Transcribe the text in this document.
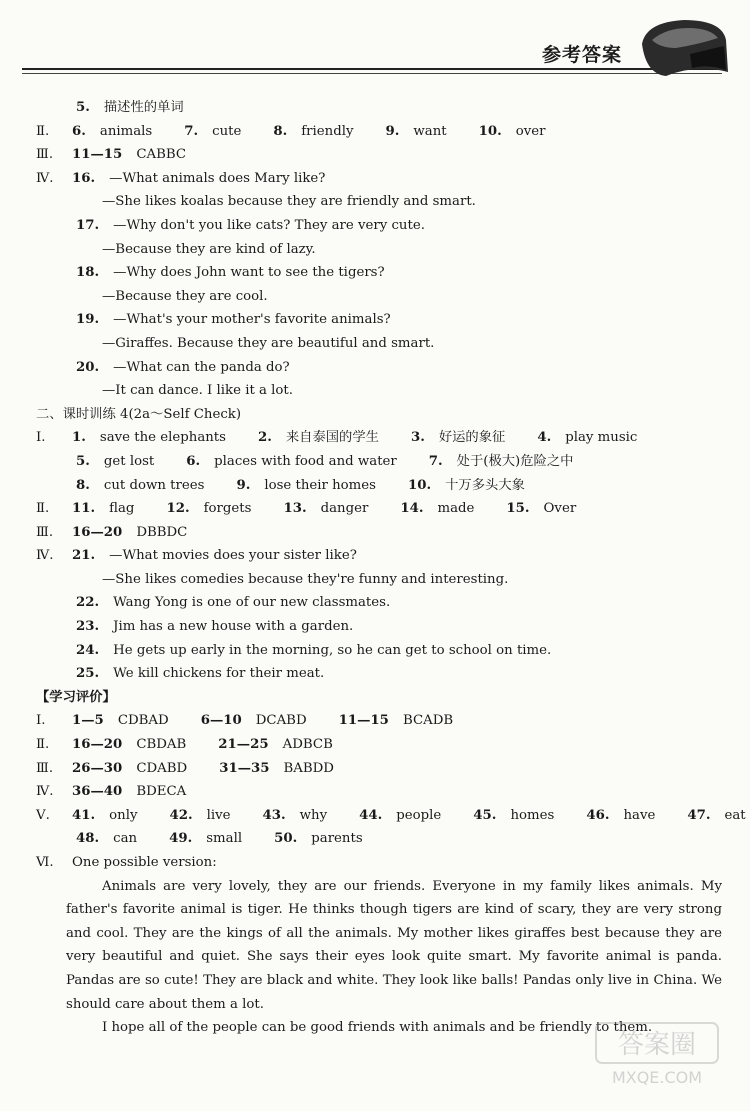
参考答案
5. 描述性的单词
Ⅱ. 6. animals 7. cute 8. friendly 9. want 10. over
Ⅲ. 11—15 CABBC
Ⅳ. 16. —What animals does Mary like?
—She likes koalas because they are friendly and smart.
17. —Why don't you like cats? They are very cute.
—Because they are kind of lazy.
18. —Why does John want to see the tigers?
—Because they are cool.
19. —What's your mother's favorite animals?
—Giraffes. Because they are beautiful and smart.
20. —What can the panda do?
—It can dance. I like it a lot.
二、课时训练 4(2a～Self Check)
Ⅰ. 1. save the elephants 2. 来自泰国的学生 3. 好运的象征 4. play music
5. get lost 6. places with food and water 7. 处于(极大)危险之中
8. cut down trees 9. lose their homes 10. 十万多头大象
Ⅱ. 11. flag 12. forgets 13. danger 14. made 15. Over
Ⅲ. 16—20 DBBDC
Ⅳ. 21. —What movies does your sister like?
—She likes comedies because they're funny and interesting.
22. Wang Yong is one of our new classmates.
23. Jim has a new house with a garden.
24. He gets up early in the morning, so he can get to school on time.
25. We kill chickens for their meat.
【学习评价】
Ⅰ. 1—5 CDBAD 6—10 DCABD 11—15 BCADB
Ⅱ. 16—20 CBDAB 21—25 ADBCB
Ⅲ. 26—30 CDABD 31—35 BABDD
Ⅳ. 36—40 BDECA
Ⅴ. 41. only 42. live 43. why 44. people 45. homes 46. have 47. eat
48. can 49. small 50. parents
Ⅵ. One possible version:
Animals are very lovely, they are our friends. Everyone in my family likes animals. My father's favorite animal is tiger. He thinks though tigers are kind of scary, they are very strong and cool. They are the kings of all the animals. My mother likes giraffes best because they are very beautiful and quiet. She says their eyes look quite smart. My favorite animal is panda. Pandas are so cute! They are black and white. They look like balls! Pandas only live in China. We should care about them a lot.
I hope all of the people can be good friends with animals and be friendly to them.
答案圈
MXQE.COM
